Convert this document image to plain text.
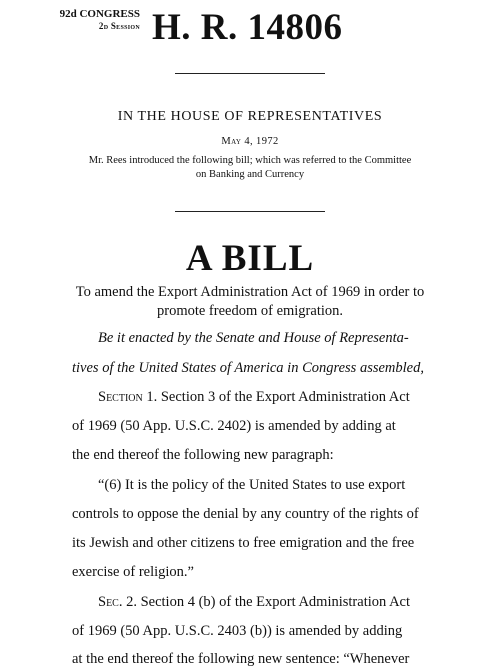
92d CONGRESS
2d Session H. R. 14806
IN THE HOUSE OF REPRESENTATIVES
May 4, 1972
Mr. Rees introduced the following bill; which was referred to the Committee
on Banking and Currency
A BILL
To amend the Export Administration Act of 1969 in order to
promote freedom of emigration.
Be it enacted by the Senate and House of Representa-
tives of the United States of America in Congress assembled,
Section 1. Section 3 of the Export Administration Act
of 1969 (50 App. U.S.C. 2402) is amended by adding at
the end thereof the following new paragraph:
“(6) It is the policy of the United States to use export
controls to oppose the denial by any country of the rights of
its Jewish and other citizens to free emigration and the free
exercise of religion.”
Sec. 2. Section 4 (b) of the Export Administration Act
of 1969 (50 App. U.S.C. 2403 (b)) is amended by adding
at the end thereof the following new sentence: “Whenever
